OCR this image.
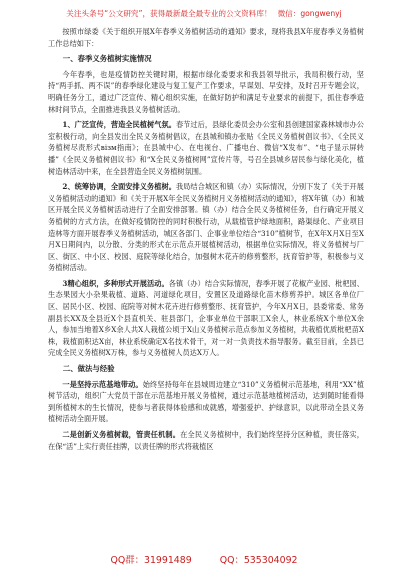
关注头条号“公文研究”，获得最新最全最专业的公文资料库！ 微信：gongwenyj

按照市绿委《关于组织开展X年春季义务植树活动的通知》要求，现将我县X年度春季义务植树工作总结如下：

一、春季义务植树实施情况

今年春季，也是疫情防控关键时期，根据市绿化委要求和我县领导批示，我局积极行动，坚持“两手抓、两不误”的春季绿化建设与复工复产工作要求，早谋划、早安排，及时召开专题会议，明确任务分工，通过广泛宣传、精心组织实施，在做好防护和满足专业要求的前提下，抓住春季造林时间节点，全面推进我县义务植树活动。

1、广泛宣传，营造全民植树气氛。春节过后，县绿化委员会办公室和县创建国家森林城市办公室积极行动，向全县发出全民义务植树倡议，在县城和镇办张贴《全民义务植树倡议书》、《全民义务植树尽责形式візм指南》；在县城中心、在电视台、广播电台、微信“X发布”、“电子显示屏转播”《全民义务植树倡议书》和“X全民义务植树网”宣传片等，号召全县城乡居民参与绿化美化，植树造林活动中来，在全县营造全民义务植树氛围。

2、统筹协调，全面安排义务植树。我局结合城区和镇（办）实际情况，分别下发了《关于开展义务植树活动的通知》和《关于开展X年全民义务植树月义务植树活动的通知》，将X年镇（办）和城区开展全民义务植树活动进行了全面安排部署。镇（办）结合全民义务植树任务，自行确定开展义务植树的方式方法，在做好疫情防控的同时积极行动，从载植管护绿地面积，路渠绿化、产业项目造林等方面开展春季义务植树活动，城区各部门、企事业单位结合“310”植树节，在X年X月X日至X月X日期间内，以分散、分类的形式在示范点开展植树活动，根据单位实际情况，将义务植树与厂区、街区、中小区、校园、庭院等绿化结合，加强树木花卉的修剪整形，抚育管护等，积极参与义务植树活动。

3精心组织，多种形式开展活动。各镇（办）结合实际情况，春季开展了花椒产业园、枇杷园、生态果园大小杂果栽植、道路、河道绿化项目，安置区及道路绿化苗木修剪养护。城区各单位厂区、居民小区、校园、庭院等对树木花卉进行修剪整形、抚育管护，今年X月X日，县委常委、常务副县长XX及全县近X个县直机关、驻县部门，企事业单位干部职工X余人，林业系统X个单位X余人，参加当地着X乡X余人共X人栽植公顷于X山义务植树示范点参加义务植树，共栽植优质枇杷苗X株，栽植面积达X亩，林业系统确定X名技术骨干，对一对一负责技术指导服务。截至目前，全县已完成全民义务植树X万株，参与义务植树人员达X万人。

二、做法与经验

一是坚持示范基地带动。始终坚持每年在县城周边建立“310”义务植树示范基地，利用“XX”植树节活动，组织广大党员干部在示范基地开展义务植树，通过示范基地植树活动，达到随时能看得到所植树木的生长情况，使参与者获得体验感和成就感，增强爱护、护绿意识，以此带动全县义务植树活动全面开展。

二是创新义务植树载，管责任机制。在全民义务植树中，我们始终坚持分区种植，责任落实，在保“活”上实行责任挂牌，以责任牌的形式将栽植区

QQ群：31991489	QQ：535304092
